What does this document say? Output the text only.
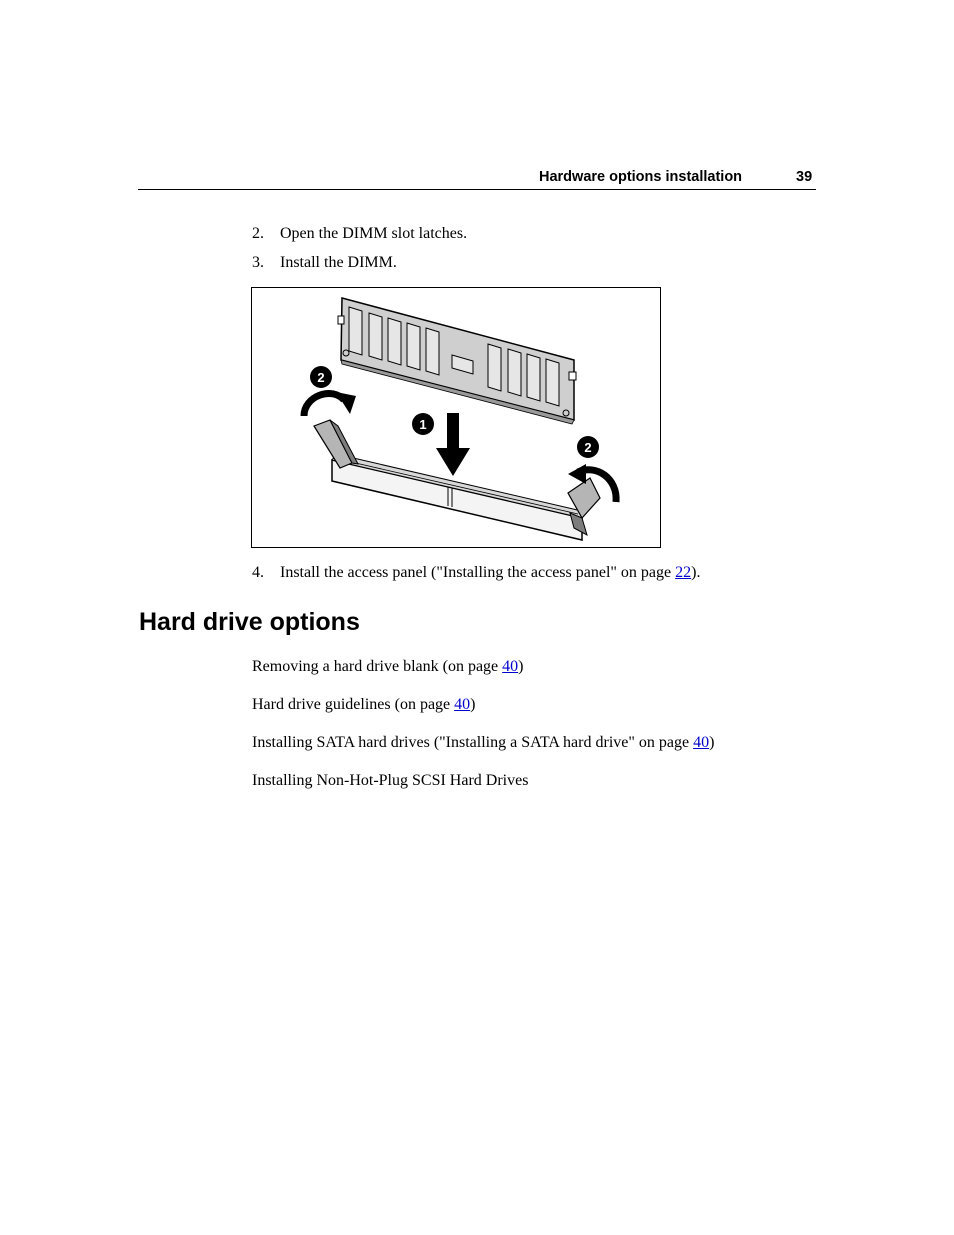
Hardware options installation	39
2. Open the DIMM slot latches.
3. Install the DIMM.
2
1
2
4. Install the access panel ("Installing the access panel" on page 22).
Hard drive options
Removing a hard drive blank (on page 40)
Hard drive guidelines (on page 40)
Installing SATA hard drives ("Installing a SATA hard drive" on page 40)
Installing Non-Hot-Plug SCSI Hard Drives
